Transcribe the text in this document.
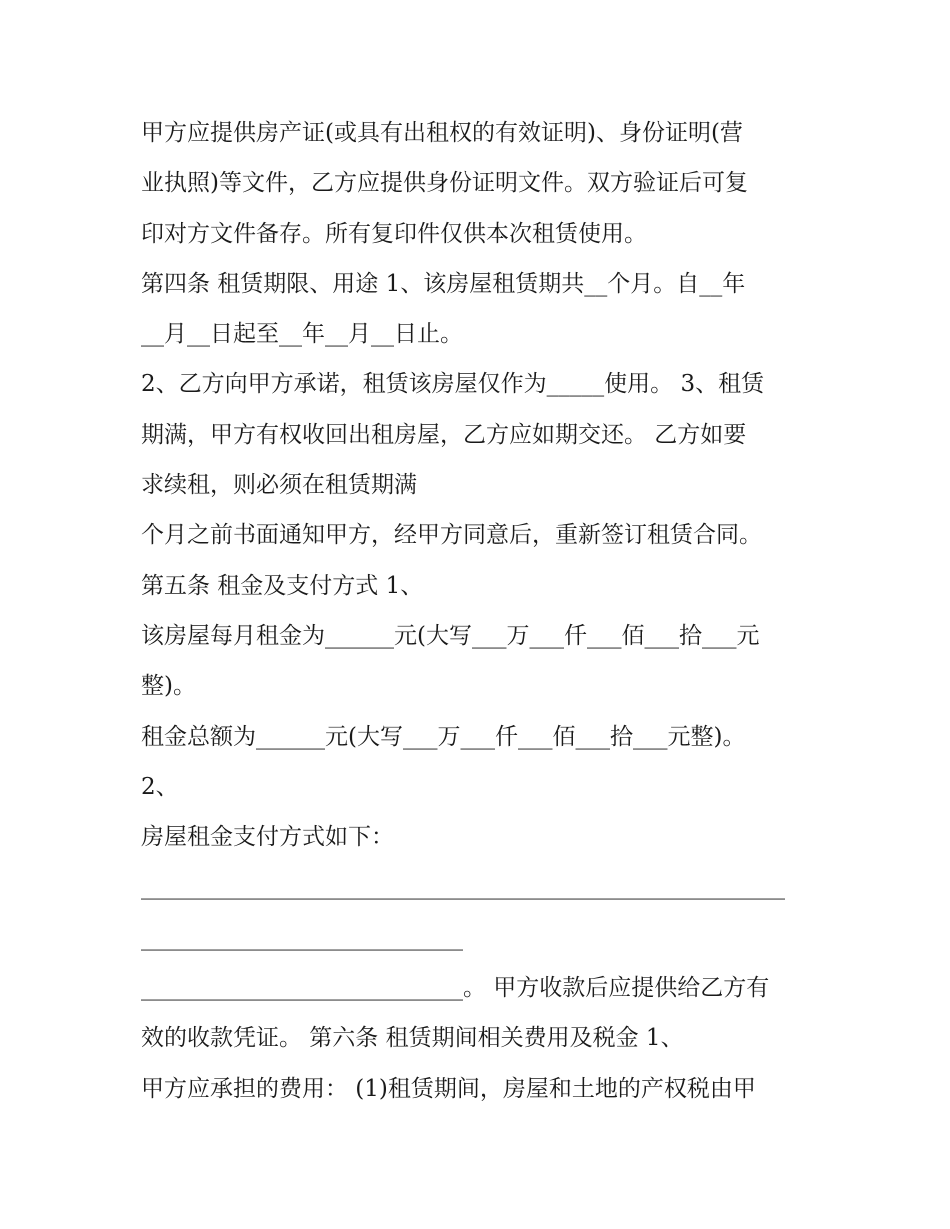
甲方应提供房产证(或具有出租权的有效证明)、身份证明(营
业执照)等文件，乙方应提供身份证明文件。双方验证后可复
印对方文件备存。所有复印件仅供本次租赁使用。
第四条 租赁期限、用途 1、该房屋租赁期共__个月。自__年
__月__日起至__年__月__日止。
2、乙方向甲方承诺，租赁该房屋仅作为_____使用。 3、租赁
期满，甲方有权收回出租房屋，乙方应如期交还。 乙方如要
求续租，则必须在租赁期满
个月之前书面通知甲方，经甲方同意后，重新签订租赁合同。
第五条 租金及支付方式 1、
该房屋每月租金为______元(大写___万___仟___佰___拾___元
整)。
租金总额为______元(大写___万___仟___佰___拾___元整)。
2、
房屋租金支付方式如下：
________________________________________________________
____________________________
____________________________。 甲方收款后应提供给乙方有
效的收款凭证。 第六条 租赁期间相关费用及税金 1、
甲方应承担的费用： (1)租赁期间，房屋和土地的产权税由甲
